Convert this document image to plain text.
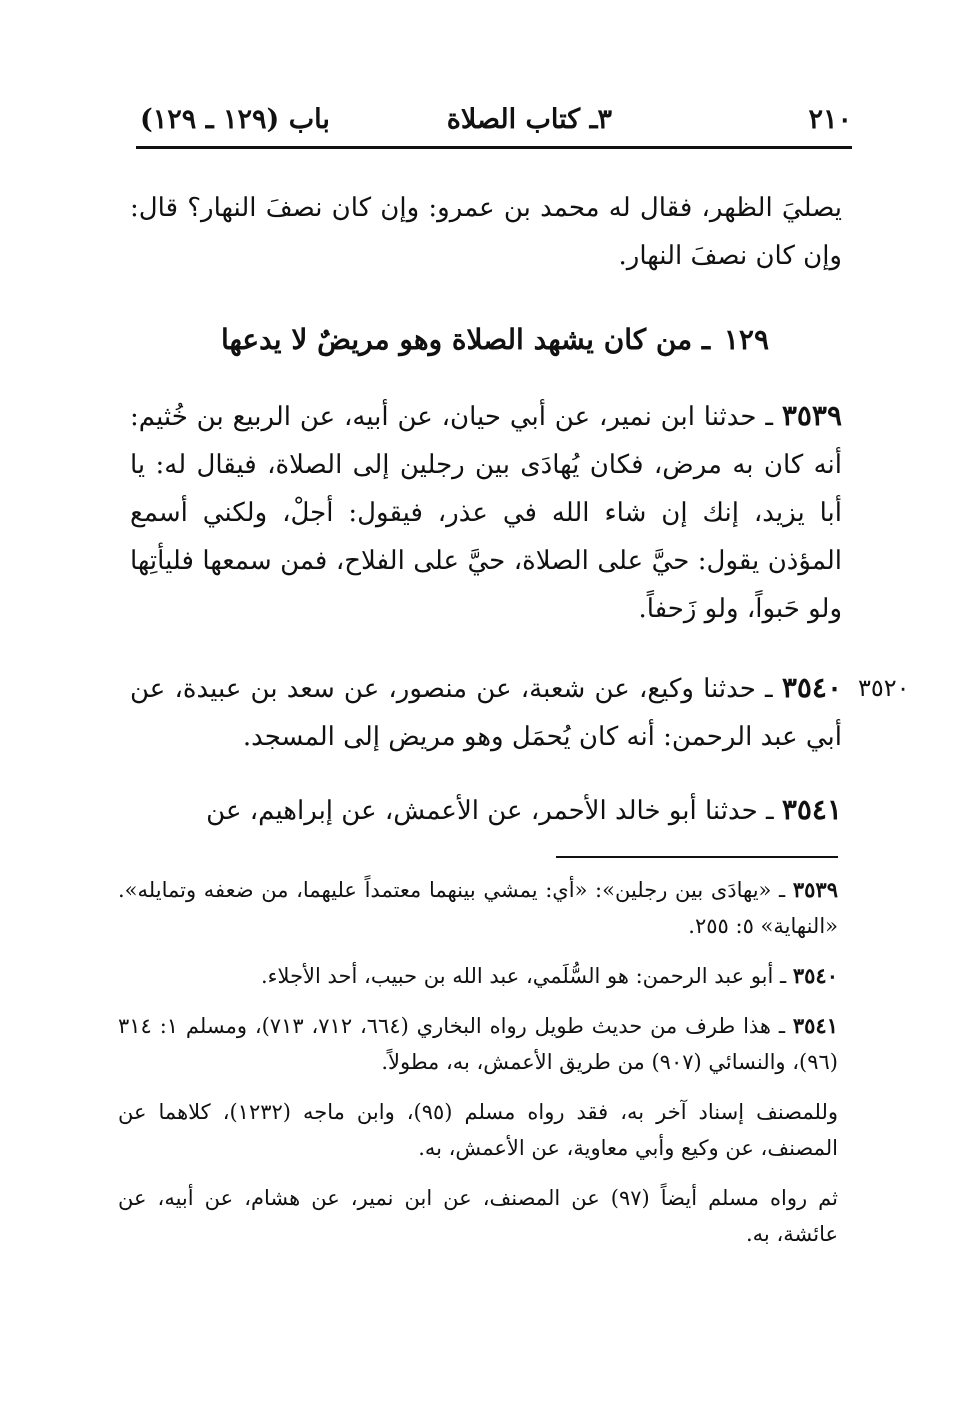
٢١٠
٣ـ كتاب الصلاة
باب (١٢٩ ـ ١٢٩)
يصليَ الظهر، فقال له محمد بن عمرو: وإن كان نصفَ النهار؟ قال: وإن كان نصفَ النهار.
١٢٩ ـ من كان يشهد الصلاة وهو مريضٌ لا يدعها
٣٥٣٩ ـ حدثنا ابن نمير، عن أبي حيان، عن أبيه، عن الربيع بن خُثيم: أنه كان به مرض، فكان يُهادَى بين رجلين إلى الصلاة، فيقال له: يا أبا يزيد، إنك إن شاء الله في عذر، فيقول: أجلْ، ولكني أسمع المؤذن يقول: حيَّ على الصلاة، حيَّ على الفلاح، فمن سمعها فليأتِها ولو حَبواً، ولو زَحفاً.
٣٥٤٠ ـ حدثنا وكيع، عن شعبة، عن منصور، عن سعد بن عبيدة، عن أبي عبد الرحمن: أنه كان يُحمَل وهو مريض إلى المسجد.
٣٥٢٠
٣٥٤١ ـ حدثنا أبو خالد الأحمر، عن الأعمش، عن إبراهيم، عن

٣٥٣٩ ـ «يهادَى بين رجلين»: «أي: يمشي بينهما معتمداً عليهما، من ضعفه وتمايله». «النهاية» ٥: ٢٥٥.

٣٥٤٠ ـ أبو عبد الرحمن: هو السُّلَمي، عبد الله بن حبيب، أحد الأجلاء.

٣٥٤١ ـ هذا طرف من حديث طويل رواه البخاري (٦٦٤، ٧١٢، ٧١٣)، ومسلم ١: ٣١٤ (٩٦)، والنسائي (٩٠٧) من طريق الأعمش، به، مطولاً.

وللمصنف إسناد آخر به، فقد رواه مسلم (٩٥)، وابن ماجه (١٢٣٢)، كلاهما عن المصنف، عن وكيع وأبي معاوية، عن الأعمش، به.

ثم رواه مسلم أيضاً (٩٧) عن المصنف، عن ابن نمير، عن هشام، عن أبيه، عن عائشة، به.
